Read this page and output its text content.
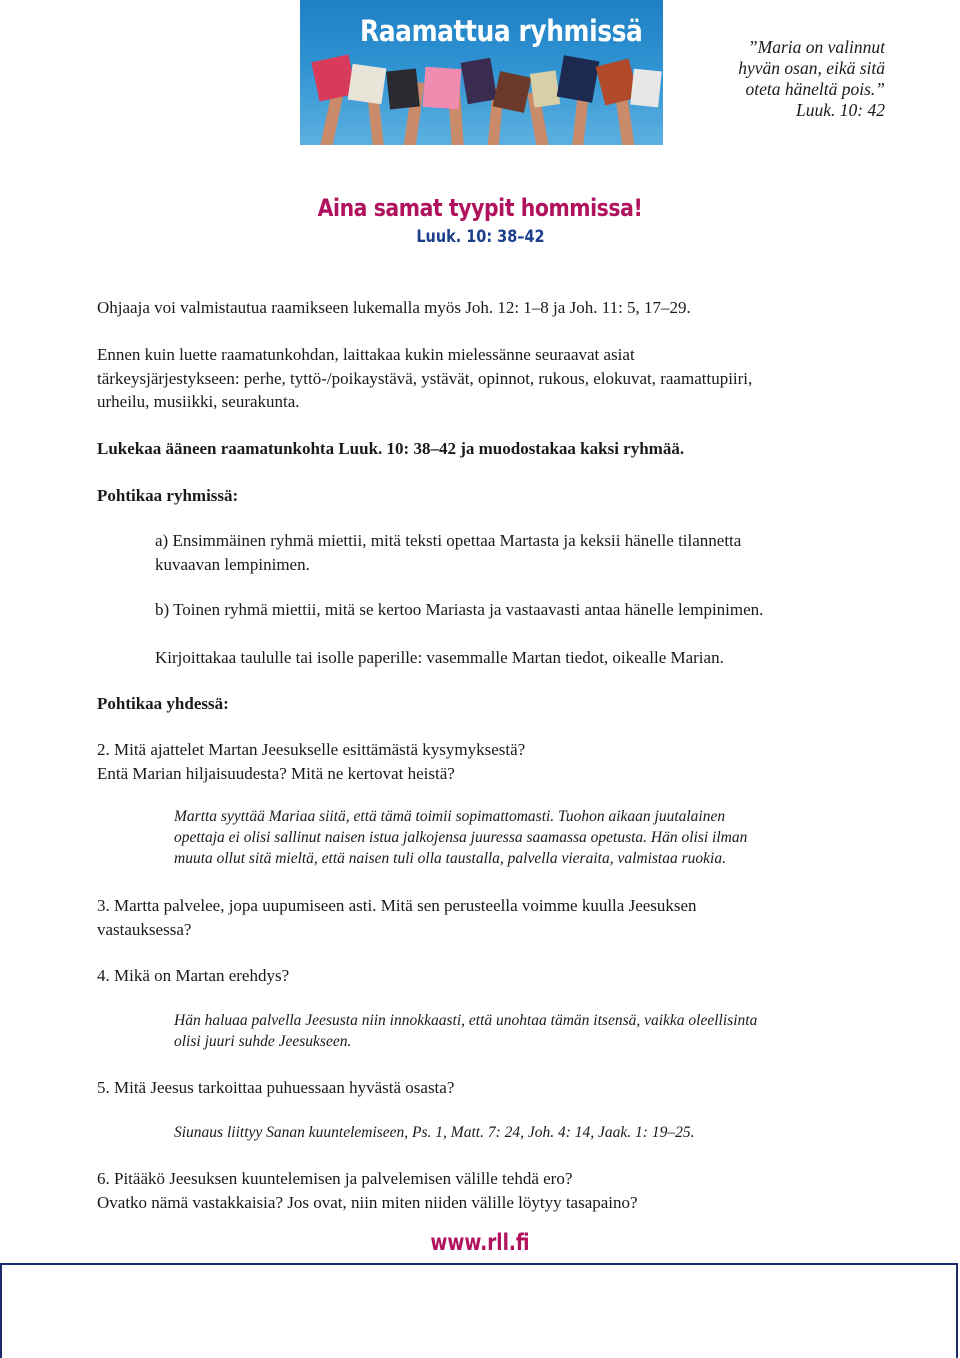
Raamattua ryhmissä	”Maria on valinnut
hyvän osan, eikä sitä
oteta häneltä pois.”
Luuk. 10: 42
Aina samat tyypit hommissa!
Luuk. 10: 38–42
Ohjaaja voi valmistautua raamikseen lukemalla myös Joh. 12: 1–8 ja Joh. 11: 5, 17–29.
Ennen kuin luette raamatunkohdan, laittakaa kukin mielessänne seuraavat asiat
tärkeysjärjestykseen: perhe, tyttö-/poikaystävä, ystävät, opinnot, rukous, elokuvat, raamattupiiri,
urheilu, musiikki, seurakunta.
Lukekaa ääneen raamatunkohta Luuk. 10: 38–42 ja muodostakaa kaksi ryhmää.
Pohtikaa ryhmissä:
a) Ensimmäinen ryhmä miettii, mitä teksti opettaa Martasta ja keksii hänelle tilannetta
kuvaavan lempinimen.
b) Toinen ryhmä miettii, mitä se kertoo Mariasta ja vastaavasti antaa hänelle lempinimen.
Kirjoittakaa taululle tai isolle paperille: vasemmalle Martan tiedot, oikealle Marian.
Pohtikaa yhdessä:
2. Mitä ajattelet Martan Jeesukselle esittämästä kysymyksestä?
Entä Marian hiljaisuudesta? Mitä ne kertovat heistä?
Martta syyttää Mariaa siitä, että tämä toimii sopimattomasti. Tuohon aikaan juutalainen
opettaja ei olisi sallinut naisen istua jalkojensa juuressa saamassa opetusta. Hän olisi ilman
muuta ollut sitä mieltä, että naisen tuli olla taustalla, palvella vieraita, valmistaa ruokia.
3. Martta palvelee, jopa uupumiseen asti. Mitä sen perusteella voimme kuulla Jeesuksen
vastauksessa?
4. Mikä on Martan erehdys?
Hän haluaa palvella Jeesusta niin innokkaasti, että unohtaa tämän itsensä, vaikka oleellisinta
olisi juuri suhde Jeesukseen.
5. Mitä Jeesus tarkoittaa puhuessaan hyvästä osasta?
Siunaus liittyy Sanan kuuntelemiseen, Ps. 1, Matt. 7: 24, Joh. 4: 14, Jaak. 1: 19–25.
6. Pitääkö Jeesuksen kuuntelemisen ja palvelemisen välille tehdä ero?
Ovatko nämä vastakkaisia? Jos ovat, niin miten niiden välille löytyy tasapaino?
www.rll.fi
